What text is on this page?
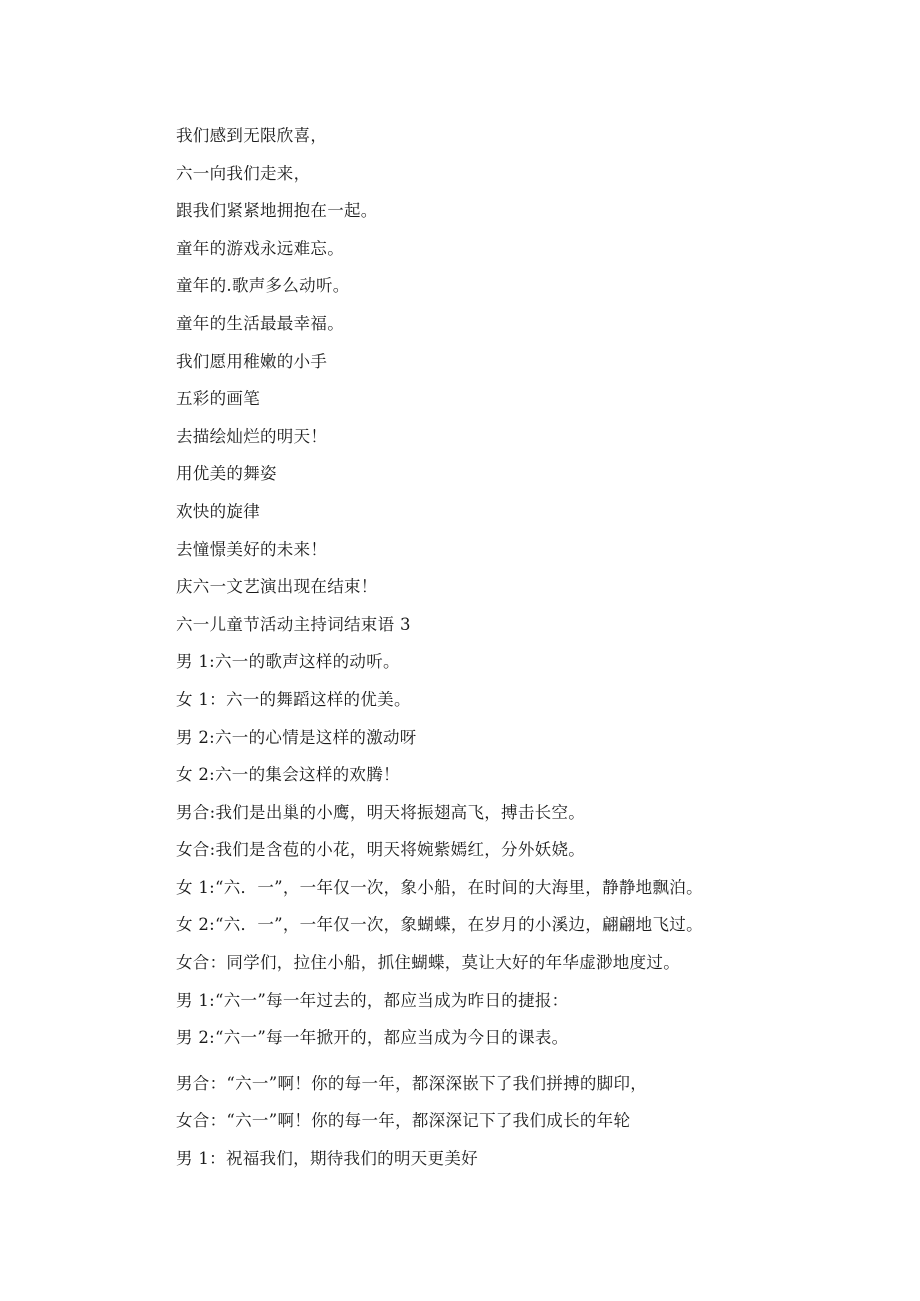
我们感到无限欣喜，
六一向我们走来，
跟我们紧紧地拥抱在一起。
童年的游戏永远难忘。
童年的.歌声多么动听。
童年的生活最最幸福。
我们愿用稚嫩的小手
五彩的画笔
去描绘灿烂的明天！
用优美的舞姿
欢快的旋律
去憧憬美好的未来！
庆六一文艺演出现在结束！
六一儿童节活动主持词结束语 3
男 1:六一的歌声这样的动听。
女 1：六一的舞蹈这样的优美。
男 2:六一的心情是这样的激动呀
女 2:六一的集会这样的欢腾！
男合:我们是出巢的小鹰，明天将振翅高飞，搏击长空。
女合:我们是含苞的小花，明天将婉紫嫣红，分外妖娆。
女 1:“六．一”，一年仅一次，象小船，在时间的大海里，静静地飘泊。
女 2:“六．一”，一年仅一次，象蝴蝶，在岁月的小溪边，翩翩地飞过。
女合：同学们，拉住小船，抓住蝴蝶，莫让大好的年华虚渺地度过。
男 1:“六一”每一年过去的，都应当成为昨日的捷报：
男 2:“六一”每一年掀开的，都应当成为今日的课表。
男合：“六一”啊！你的每一年，都深深嵌下了我们拼搏的脚印，
女合：“六一”啊！你的每一年，都深深记下了我们成长的年轮
男 1：祝福我们，期待我们的明天更美好
